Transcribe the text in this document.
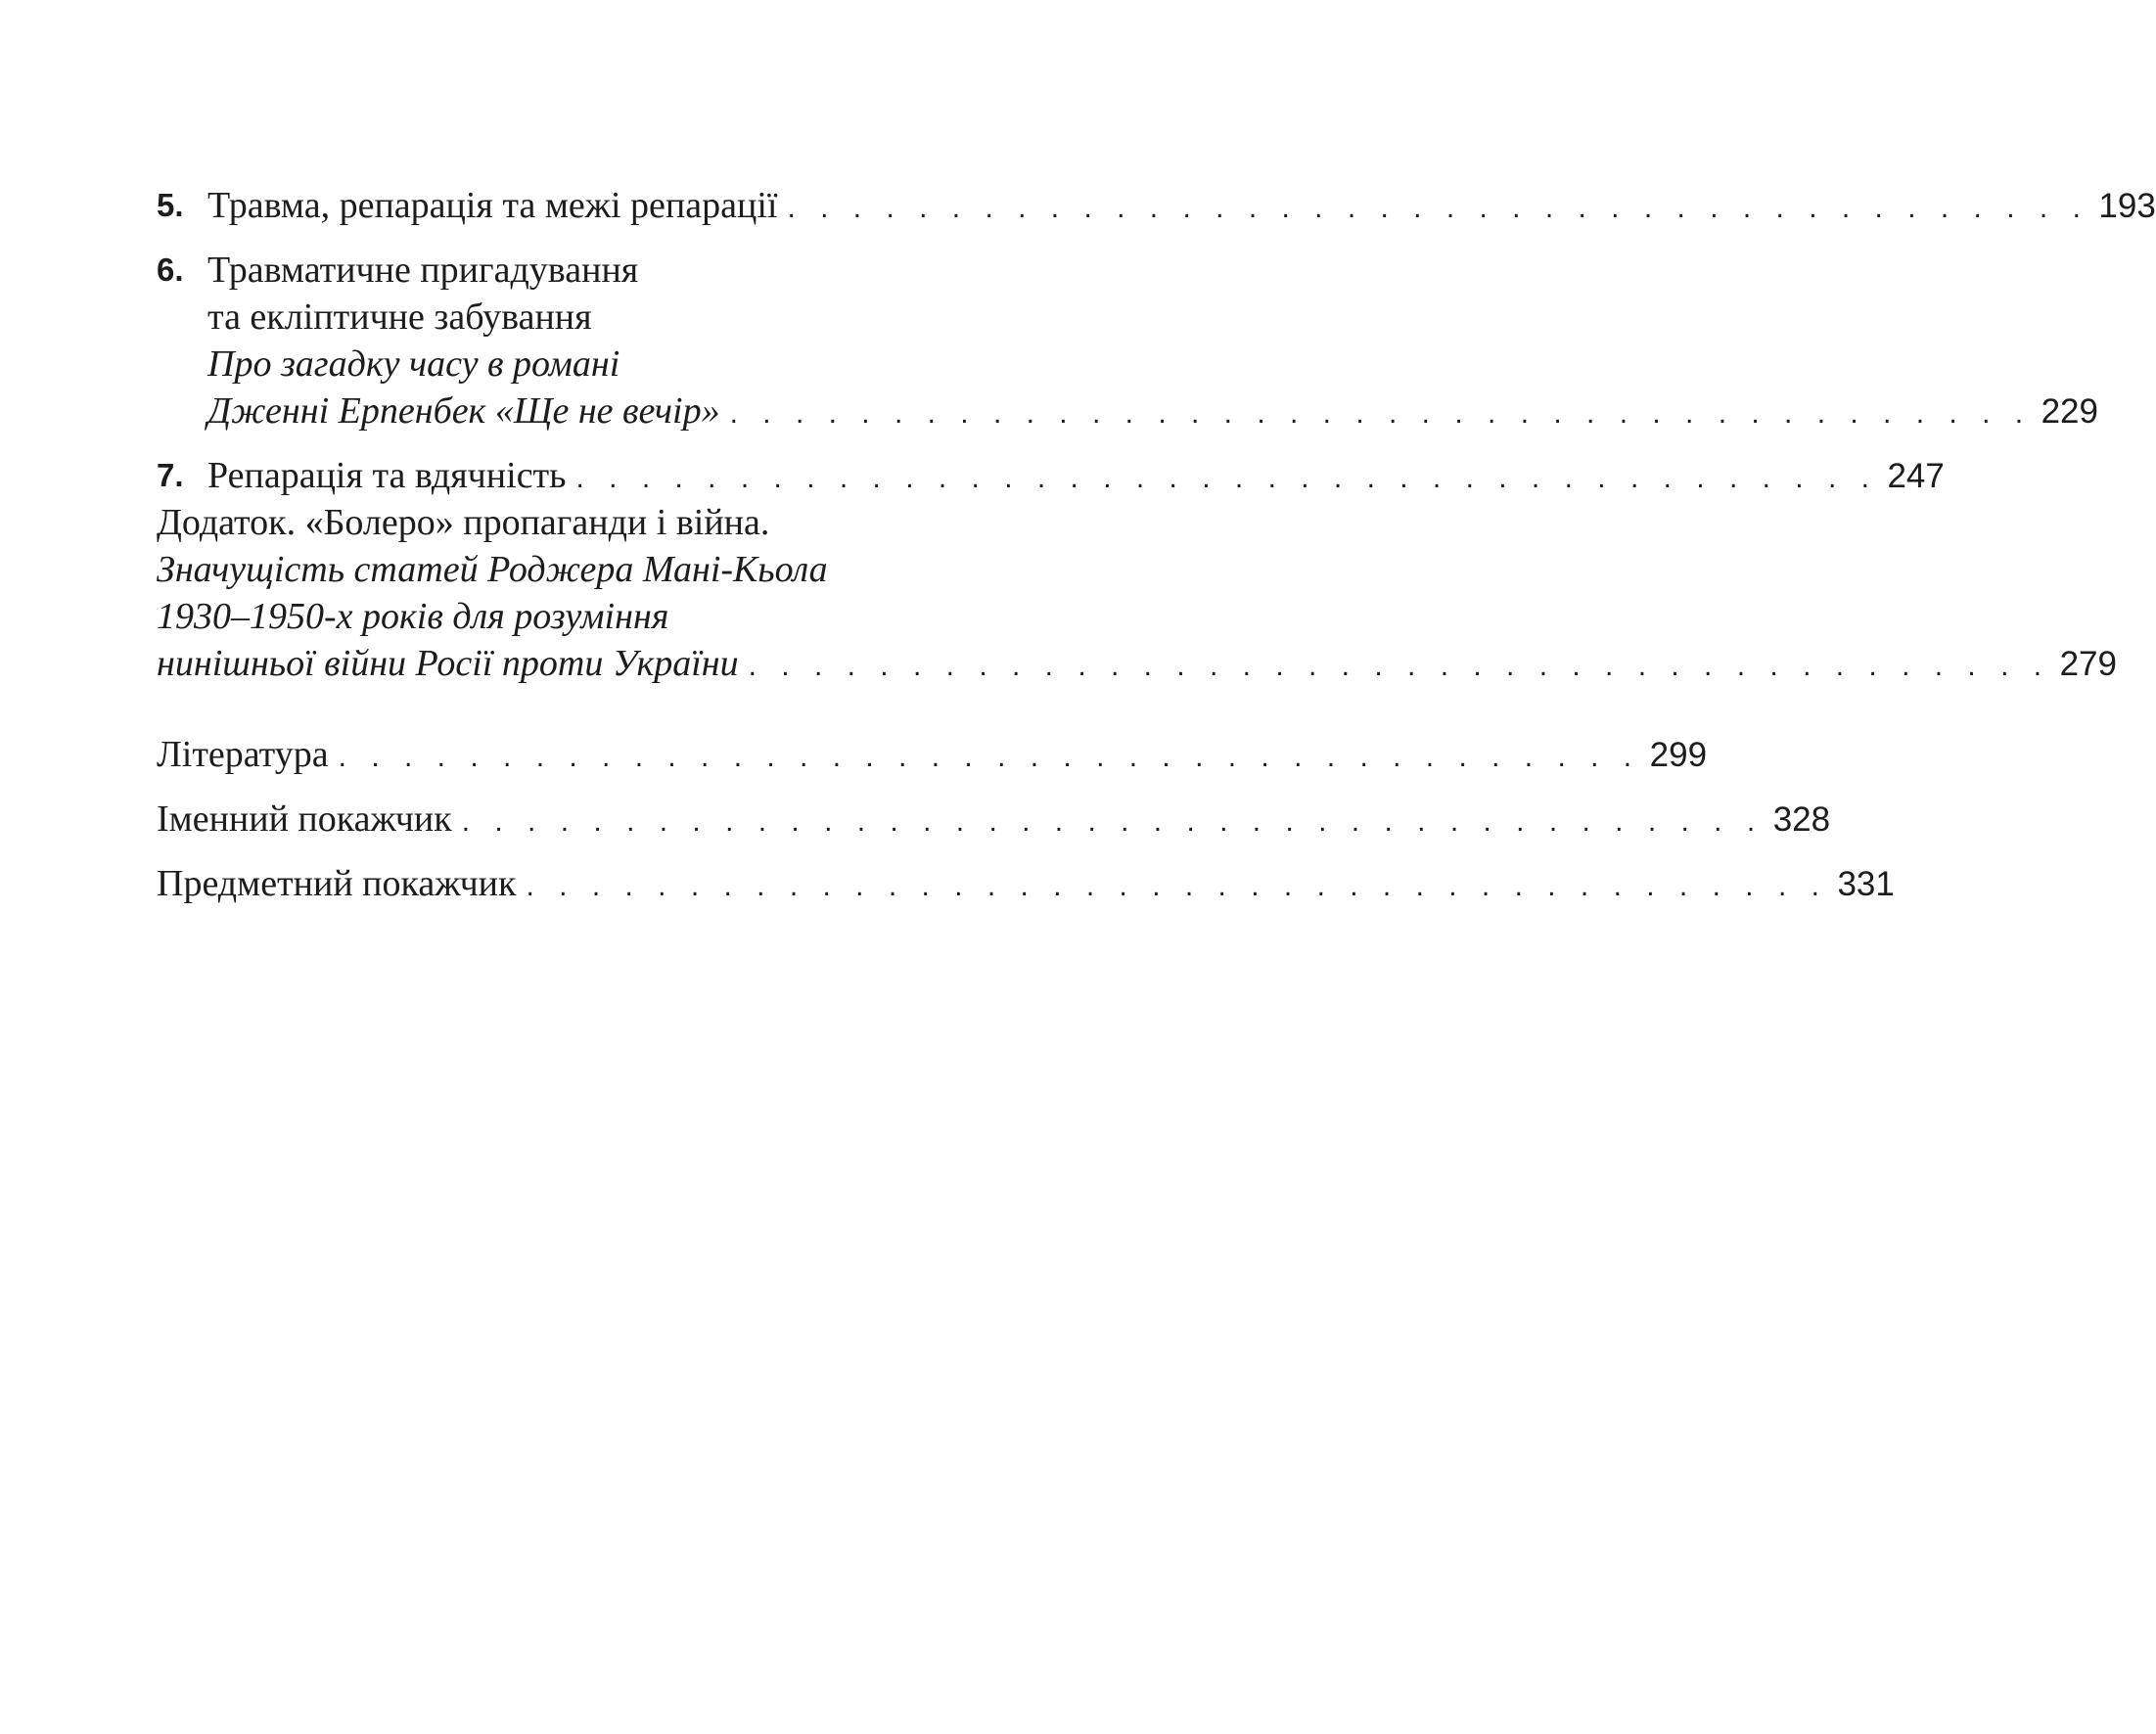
5. Травма, репарація та межі репарації . . . . . . . . . . . . . . . . . . . . . . . . . . . . . . . . . . . . . . . . 193
6. Травматичне пригадування
та екліптичне забування
Про загадку часу в романі
Дженні Ерпенбек «Ще не вечір» . . . . . . . . . . . . . . . . . . . . . . . . . . . . . . . . . . . . . . . . 229
7. Репарація та вдячність . . . . . . . . . . . . . . . . . . . . . . . . . . . . . . . . . . . . . . . . 247
Додаток. «Болеро» пропаганди і війна.
Значущість статей Роджера Мані-Кьола
1930–1950-х років для розуміння
нинішньої війни Росії проти України . . . . . . . . . . . . . . . . . . . . . . . . . . . . . . . . . . . . . . . . 279
Література . . . . . . . . . . . . . . . . . . . . . . . . . . . . . . . . . . . . . . . . 299
Іменний покажчик . . . . . . . . . . . . . . . . . . . . . . . . . . . . . . . . . . . . . . . . 328
Предметний покажчик . . . . . . . . . . . . . . . . . . . . . . . . . . . . . . . . . . . . . . . . 331
